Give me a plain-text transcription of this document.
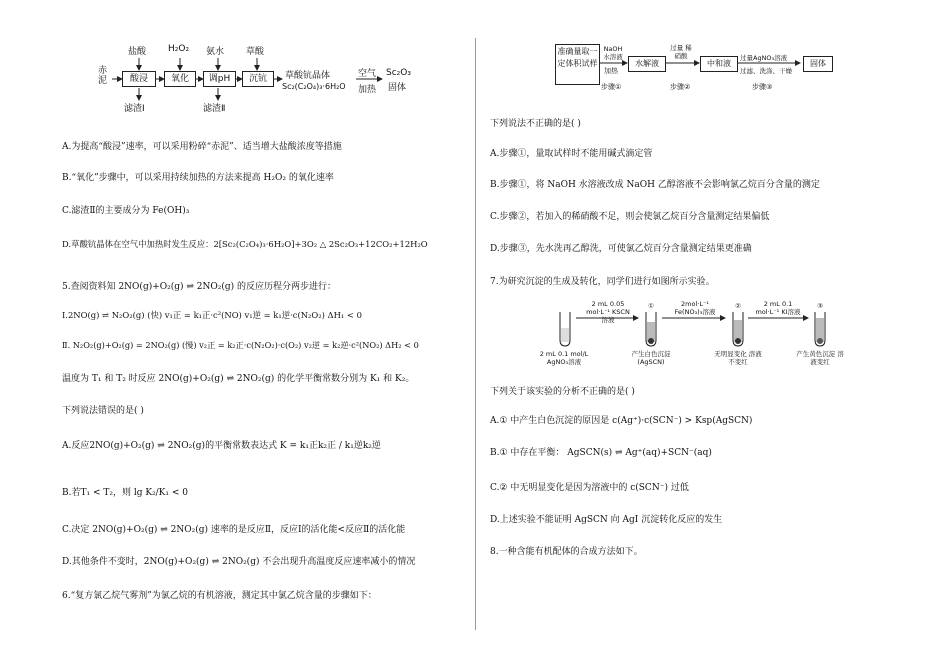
盐酸 H₂O₂ 氨水 草酸
赤泥	酸浸	氧化	调pH	沉钪
滤渣Ⅰ	滤渣Ⅱ
草酸钪晶体
Sc₂(C₂O₄)₃·6H₂O
空气
加热
Sc₂O₃
固体
A.为提高“酸浸”速率，可以采用粉碎“赤泥”、适当增大盐酸浓度等措施
B.“氧化”步骤中，可以采用持续加热的方法来提高 H₂O₂ 的氧化速率
C.滤渣Ⅱ的主要成分为 Fe(OH)₃
D.草酸钪晶体在空气中加热时发生反应：2[Sc₂(C₂O₄)₃·6H₂O]+3O₂ △ 2Sc₂O₃+12CO₂+12H₂O
5.查阅资料知 2NO(g)+O₂(g) ⇌ 2NO₂(g) 的反应历程分两步进行：
Ⅰ.2NO(g) ⇌ N₂O₂(g) (快) v₁正 = k₁正·c²(NO) v₁逆 = k₁逆·c(N₂O₂) ΔH₁ < 0
Ⅱ. N₂O₂(g)+O₂(g) = 2NO₂(g) (慢) v₂正 = k₂正·c(N₂O₂)·c(O₂) v₂逆 = k₂逆·c²(NO₂) ΔH₂ < 0
温度为 T₁ 和 T₂ 时反应 2NO(g)+O₂(g) ⇌ 2NO₂(g) 的化学平衡常数分别为 K₁ 和 K₂。
下列说法错误的是( )
A.反应2NO(g)+O₂(g) ⇌ 2NO₂(g)的平衡常数表达式 K = k₁正k₂正 / k₁逆k₂逆
B.若T₁ < T₂，则 lg K₂/K₁ < 0
C.决定 2NO(g)+O₂(g) ⇌ 2NO₂(g) 速率的是反应Ⅱ，反应Ⅰ的活化能<反应Ⅱ的活化能
D.其他条件不变时，2NO(g)+O₂(g) ⇌ 2NO₂(g) 不会出现升高温度反应速率减小的情况
6.“复方氯乙烷气雾剂”为氯乙烷的有机溶液，测定其中氯乙烷含量的步骤如下：
准确量取一定体积试样
NaOH 水溶液
加热
水解液
过量 稀硝酸
中和液
过量AgNO₃溶液
过滤、洗涤、干燥
固体
步骤①	步骤②	步骤③
下列说法不正确的是( )
A.步骤①，量取试样时不能用碱式滴定管
B.步骤①，将 NaOH 水溶液改成 NaOH 乙醇溶液不会影响氯乙烷百分含量的测定
C.步骤②，若加入的稀硝酸不足，则会使氯乙烷百分含量测定结果偏低
D.步骤③，先水洗再乙醇洗，可使氯乙烷百分含量测定结果更准确
7.为研究沉淀的生成及转化，同学们进行如图所示实验。
2 mL 0.05 mol·L⁻¹ KSCN溶液
2mol·L⁻¹ Fe(NO₃)₃溶液
2 mL 0.1 mol·L⁻¹ KI溶液
①	②	③
2 mL 0.1 mol/L AgNO₃溶液
产生白色沉淀 (AgSCN)
无明显变化 溶液不变红
产生黄色沉淀 溶液变红
下列关于该实验的分析不正确的是( )
A.① 中产生白色沉淀的原因是 c(Ag⁺)·c(SCN⁻) > Ksp(AgSCN)
B.① 中存在平衡： AgSCN(s) ⇌ Ag⁺(aq)+SCN⁻(aq)
C.② 中无明显变化是因为溶液中的 c(SCN⁻) 过低
D.上述实验不能证明 AgSCN 向 AgI 沉淀转化反应的发生
8.一种含能有机配体的合成方法如下。
